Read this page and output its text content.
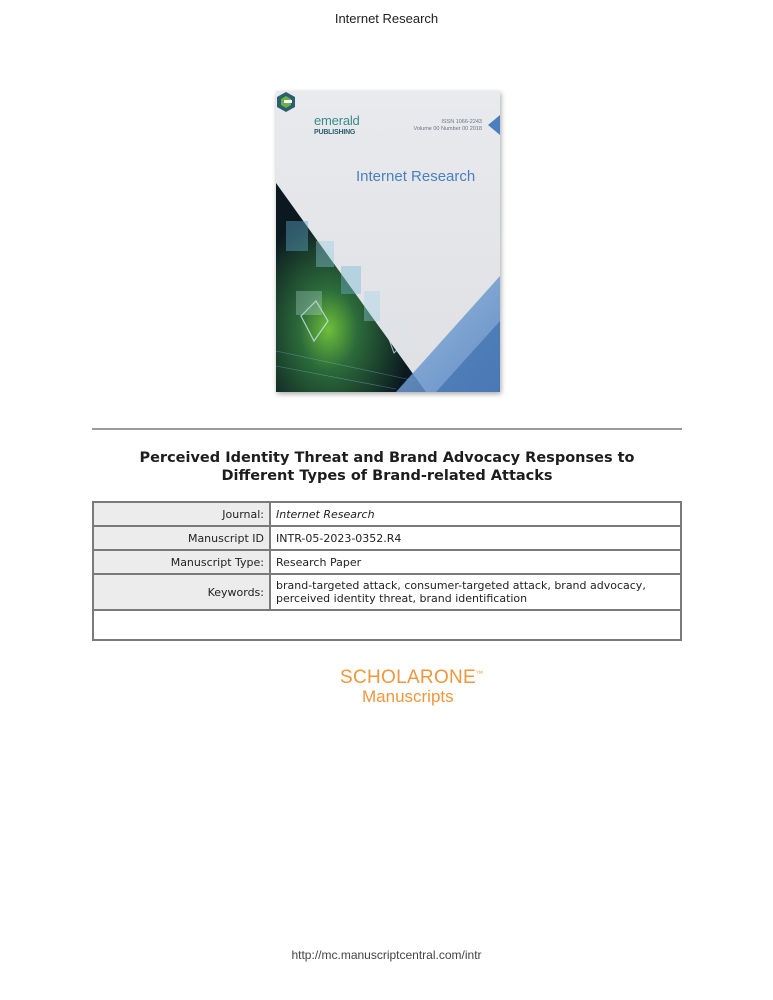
Internet Research
emerald
PUBLISHING
ISSN 1066-2243
Volume 00 Number 00 2018
Internet Research
Perceived Identity Threat and Brand Advocacy Responses to
Different Types of Brand-related Attacks
Journal:	Internet Research
Manuscript ID	INTR-05-2023-0352.R4
Manuscript Type:	Research Paper
Keywords:	brand-targeted attack, consumer-targeted attack, brand advocacy,
perceived identity threat, brand identification

SCHOLARONE™
Manuscripts
http://mc.manuscriptcentral.com/intr
